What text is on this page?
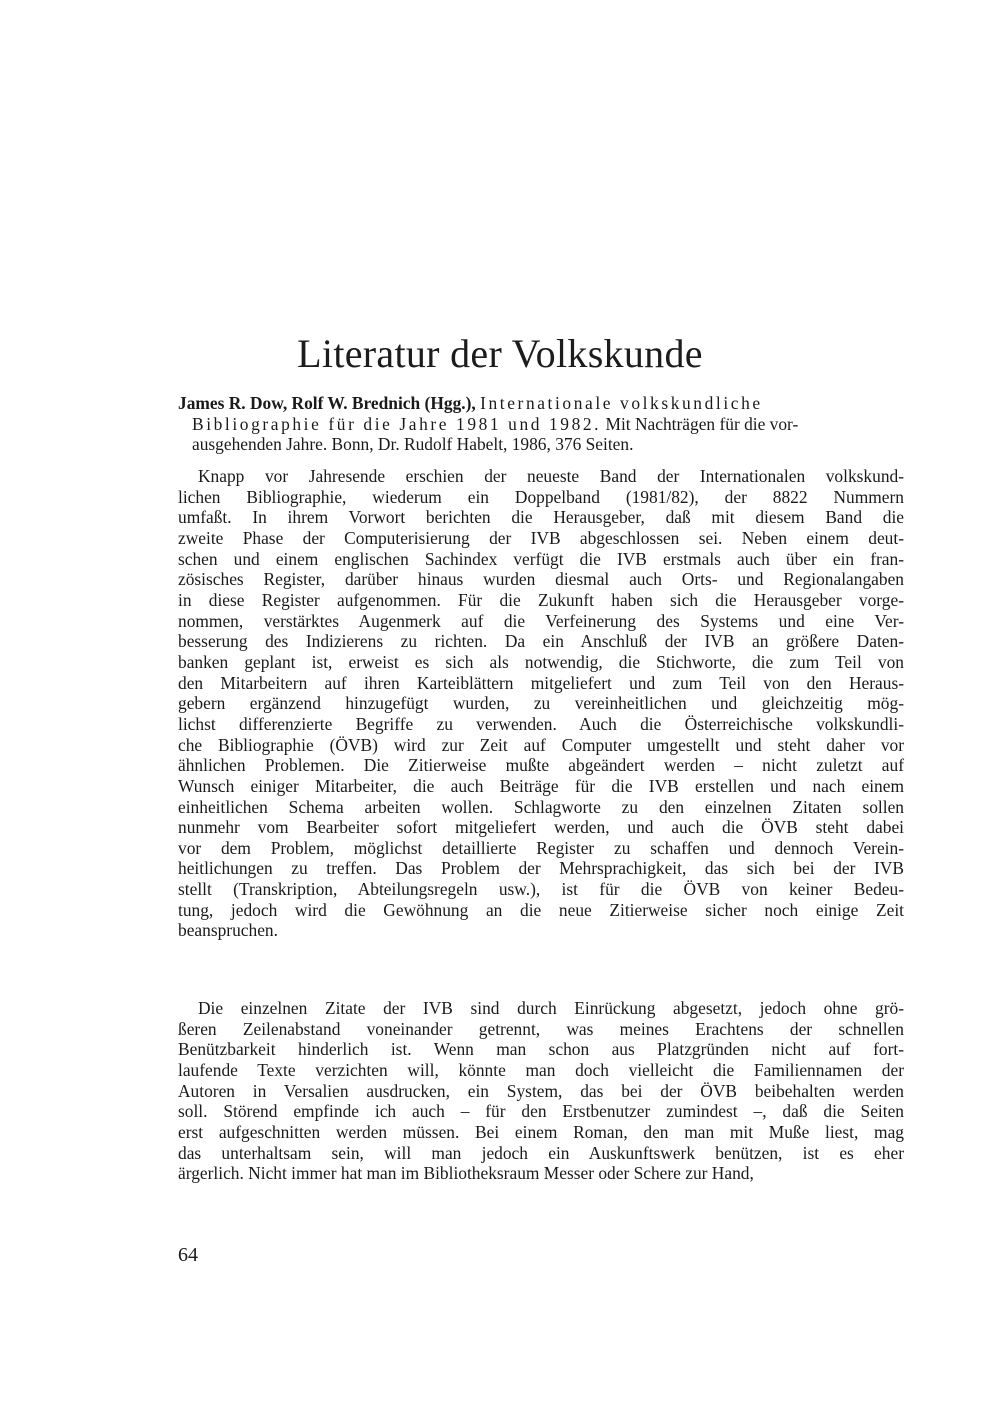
Literatur der Volkskunde
James R. Dow, Rolf W. Brednich (Hgg.), Internationale volkskundliche
Bibliographie für die Jahre 1981 und 1982. Mit Nachträgen für die vor-
ausgehenden Jahre. Bonn, Dr. Rudolf Habelt, 1986, 376 Seiten.
Knapp vor Jahresende erschien der neueste Band der Internationalen volkskund-
lichen Bibliographie, wiederum ein Doppelband (1981/82), der 8822 Nummern
umfaßt. In ihrem Vorwort berichten die Herausgeber, daß mit diesem Band die
zweite Phase der Computerisierung der IVB abgeschlossen sei. Neben einem deut-
schen und einem englischen Sachindex verfügt die IVB erstmals auch über ein fran-
zösisches Register, darüber hinaus wurden diesmal auch Orts- und Regionalangaben
in diese Register aufgenommen. Für die Zukunft haben sich die Herausgeber vorge-
nommen, verstärktes Augenmerk auf die Verfeinerung des Systems und eine Ver-
besserung des Indizierens zu richten. Da ein Anschluß der IVB an größere Daten-
banken geplant ist, erweist es sich als notwendig, die Stichworte, die zum Teil von
den Mitarbeitern auf ihren Karteiblättern mitgeliefert und zum Teil von den Heraus-
gebern ergänzend hinzugefügt wurden, zu vereinheitlichen und gleichzeitig mög-
lichst differenzierte Begriffe zu verwenden. Auch die Österreichische volkskundli-
che Bibliographie (ÖVB) wird zur Zeit auf Computer umgestellt und steht daher vor
ähnlichen Problemen. Die Zitierweise mußte abgeändert werden – nicht zuletzt auf
Wunsch einiger Mitarbeiter, die auch Beiträge für die IVB erstellen und nach einem
einheitlichen Schema arbeiten wollen. Schlagworte zu den einzelnen Zitaten sollen
nunmehr vom Bearbeiter sofort mitgeliefert werden, und auch die ÖVB steht dabei
vor dem Problem, möglichst detaillierte Register zu schaffen und dennoch Verein-
heitlichungen zu treffen. Das Problem der Mehrsprachigkeit, das sich bei der IVB
stellt (Transkription, Abteilungsregeln usw.), ist für die ÖVB von keiner Bedeu-
tung, jedoch wird die Gewöhnung an die neue Zitierweise sicher noch einige Zeit
beanspruchen.
Die einzelnen Zitate der IVB sind durch Einrückung abgesetzt, jedoch ohne grö-
ßeren Zeilenabstand voneinander getrennt, was meines Erachtens der schnellen
Benützbarkeit hinderlich ist. Wenn man schon aus Platzgründen nicht auf fort-
laufende Texte verzichten will, könnte man doch vielleicht die Familiennamen der
Autoren in Versalien ausdrucken, ein System, das bei der ÖVB beibehalten werden
soll. Störend empfinde ich auch – für den Erstbenutzer zumindest –, daß die Seiten
erst aufgeschnitten werden müssen. Bei einem Roman, den man mit Muße liest, mag
das unterhaltsam sein, will man jedoch ein Auskunftswerk benützen, ist es eher
ärgerlich. Nicht immer hat man im Bibliotheksraum Messer oder Schere zur Hand,
64
